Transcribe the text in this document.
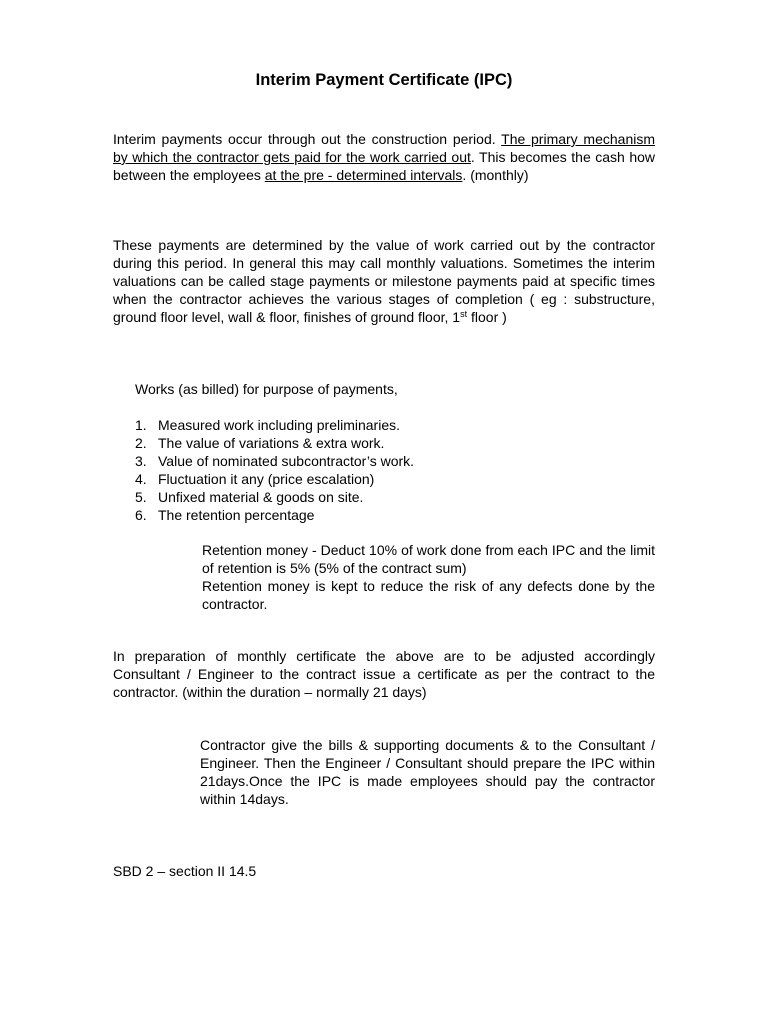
Interim Payment Certificate (IPC)
Interim payments occur through out the construction period. The primary mechanism by which the contractor gets paid for the work carried out. This becomes the cash how between the employees at the pre - determined intervals. (monthly)
These payments are determined by the value of work carried out by the contractor during this period. In general this may call monthly valuations. Sometimes the interim valuations can be called stage payments or milestone payments paid at specific times when the contractor achieves the various stages of completion ( eg : substructure, ground floor level, wall & floor, finishes of ground floor, 1st floor )
Works (as billed) for purpose of payments,
1. Measured work including preliminaries.
2. The value of variations & extra work.
3. Value of nominated subcontractor’s work.
4. Fluctuation it any (price escalation)
5. Unfixed material & goods on site.
6. The retention percentage
Retention money - Deduct 10% of work done from each IPC and the limit of retention is 5% (5% of the contract sum)
Retention money is kept to reduce the risk of any defects done by the contractor.
In preparation of monthly certificate the above are to be adjusted accordingly Consultant / Engineer to the contract issue a certificate as per the contract to the contractor. (within the duration – normally 21 days)
Contractor give the bills & supporting documents & to the Consultant / Engineer. Then the Engineer / Consultant should prepare the IPC within 21days.Once the IPC is made employees should pay the contractor within 14days.
SBD 2 – section II 14.5
